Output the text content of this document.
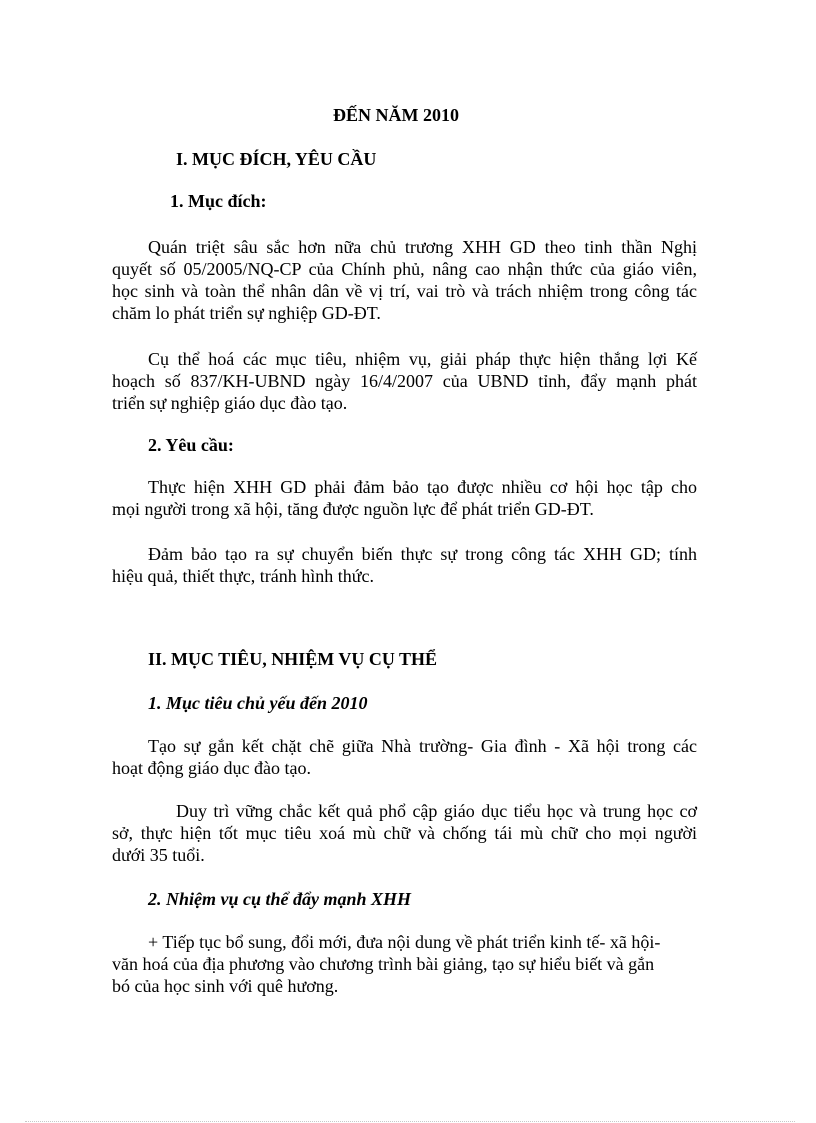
ĐẾN NĂM 2010
I. MỤC ĐÍCH, YÊU CẦU
1. Mục đích:
Quán triệt sâu sắc hơn nữa chủ trương XHH GD theo tinh thần Nghị
quyết số 05/2005/NQ-CP của Chính phủ, nâng cao nhận thức của giáo viên,
học sinh và toàn thể nhân dân về vị trí, vai trò và trách nhiệm trong công tác
chăm lo phát triển sự nghiệp GD-ĐT.
Cụ thể hoá các mục tiêu, nhiệm vụ, giải pháp thực hiện thắng lợi Kế
hoạch số 837/KH-UBND ngày 16/4/2007 của UBND tỉnh, đẩy mạnh phát
triển sự nghiệp giáo dục đào tạo.
2. Yêu cầu:
Thực hiện XHH GD phải đảm bảo tạo được nhiều cơ hội học tập cho
mọi người trong xã hội, tăng được nguồn lực để phát triển GD-ĐT.
Đảm bảo tạo ra sự chuyển biến thực sự trong công tác XHH GD; tính
hiệu quả, thiết thực, tránh hình thức.
II. MỤC TIÊU, NHIỆM VỤ CỤ THỂ
1. Mục tiêu chủ yếu đến 2010
Tạo sự gắn kết chặt chẽ giữa Nhà trường- Gia đình - Xã hội trong các
hoạt động giáo dục đào tạo.
Duy trì vững chắc kết quả phổ cập giáo dục tiểu học và trung học cơ
sở, thực hiện tốt mục tiêu xoá mù chữ và chống tái mù chữ cho mọi người
dưới 35 tuổi.
2. Nhiệm vụ cụ thể đẩy mạnh XHH
+ Tiếp tục bổ sung, đổi mới, đưa nội dung về phát triển kinh tế- xã hội-
văn hoá của địa phương vào chương trình bài giảng, tạo sự hiểu biết và gắn
bó của học sinh với quê hương.
